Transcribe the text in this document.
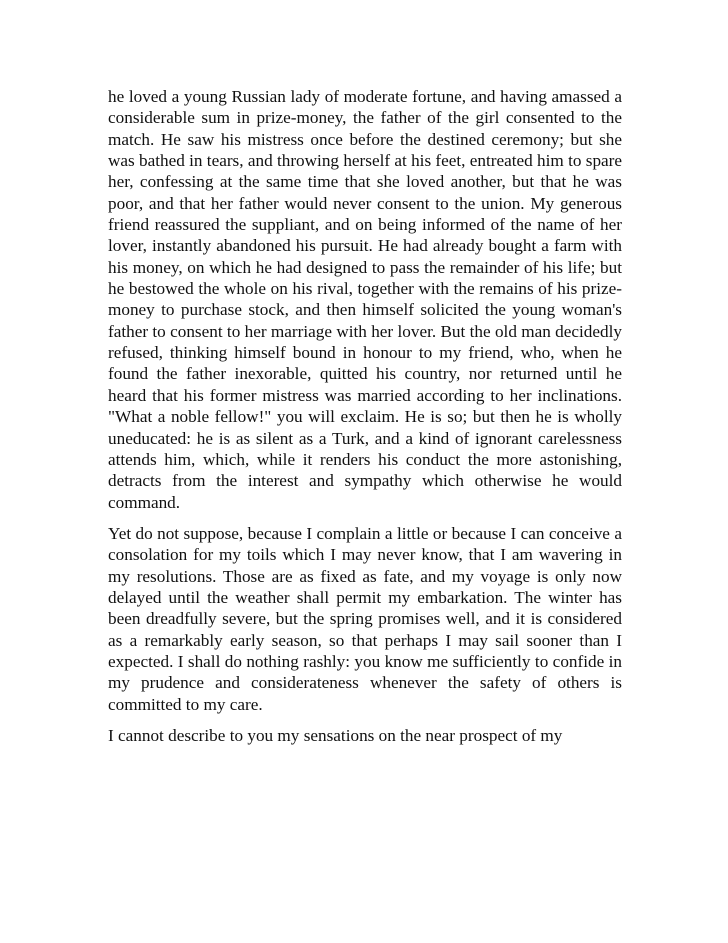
he loved a young Russian lady of moderate fortune, and having amassed a considerable sum in prize-money, the father of the girl consented to the match. He saw his mistress once before the destined ceremony; but she was bathed in tears, and throwing herself at his feet, entreated him to spare her, confessing at the same time that she loved another, but that he was poor, and that her father would never consent to the union. My generous friend reassured the suppliant, and on being informed of the name of her lover, instantly abandoned his pursuit. He had already bought a farm with his money, on which he had designed to pass the remainder of his life; but he bestowed the whole on his rival, together with the remains of his prize-money to purchase stock, and then himself solicited the young woman's father to consent to her marriage with her lover. But the old man decidedly refused, thinking himself bound in honour to my friend, who, when he found the father inexorable, quitted his country, nor returned until he heard that his former mistress was married according to her inclinations. "What a noble fellow!" you will exclaim. He is so; but then he is wholly uneducated: he is as silent as a Turk, and a kind of ignorant carelessness attends him, which, while it renders his conduct the more astonishing, detracts from the interest and sympathy which otherwise he would command.

Yet do not suppose, because I complain a little or because I can conceive a consolation for my toils which I may never know, that I am wavering in my resolutions. Those are as fixed as fate, and my voyage is only now delayed until the weather shall permit my embarkation. The winter has been dreadfully severe, but the spring promises well, and it is considered as a remarkably early season, so that perhaps I may sail sooner than I expected. I shall do nothing rashly: you know me sufficiently to confide in my prudence and considerateness whenever the safety of others is committed to my care.

I cannot describe to you my sensations on the near prospect of my
